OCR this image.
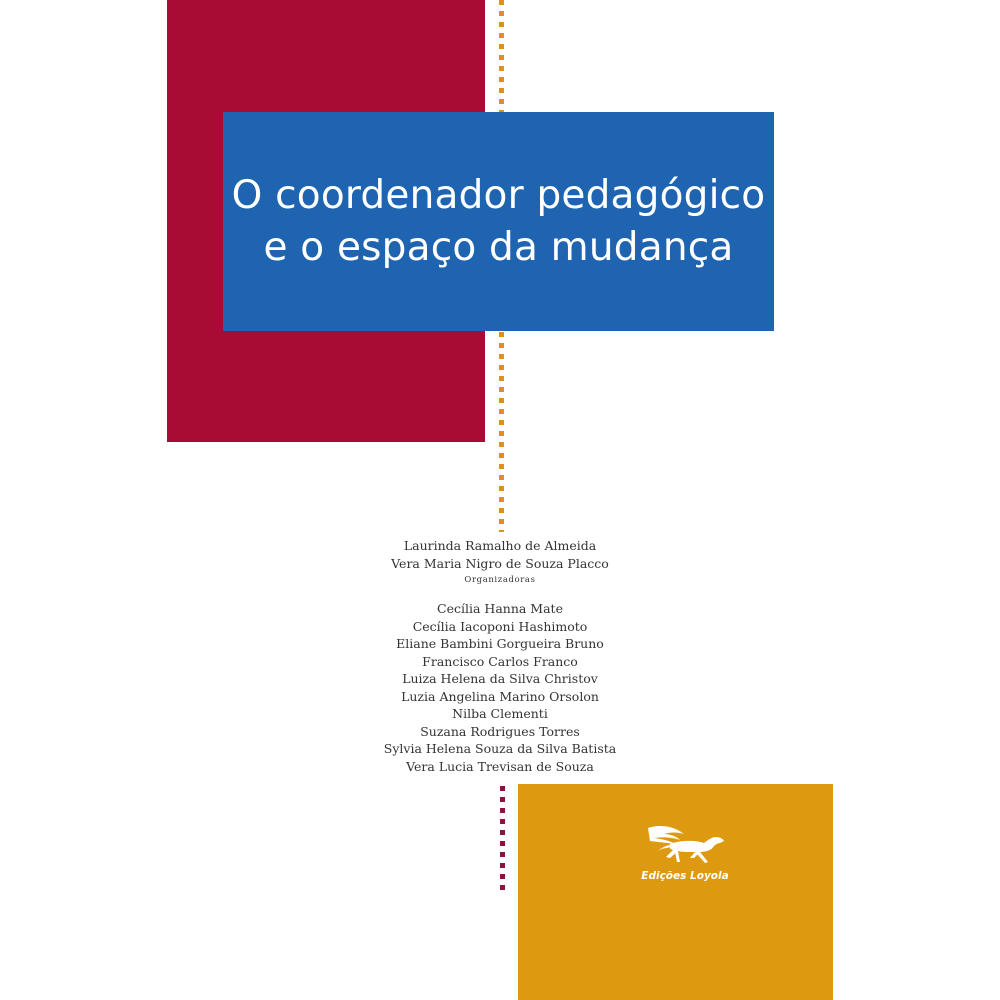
O coordenador pedagógico
e o espaço da mudança
Laurinda Ramalho de Almeida
Vera Maria Nigro de Souza Placco
Organizadoras
Cecília Hanna Mate
Cecília Iacoponi Hashimoto
Eliane Bambini Gorgueira Bruno
Francisco Carlos Franco
Luiza Helena da Silva Christov
Luzia Angelina Marino Orsolon
Nilba Clementi
Suzana Rodrigues Torres
Sylvia Helena Souza da Silva Batista
Vera Lucia Trevisan de Souza
Edições Loyola
